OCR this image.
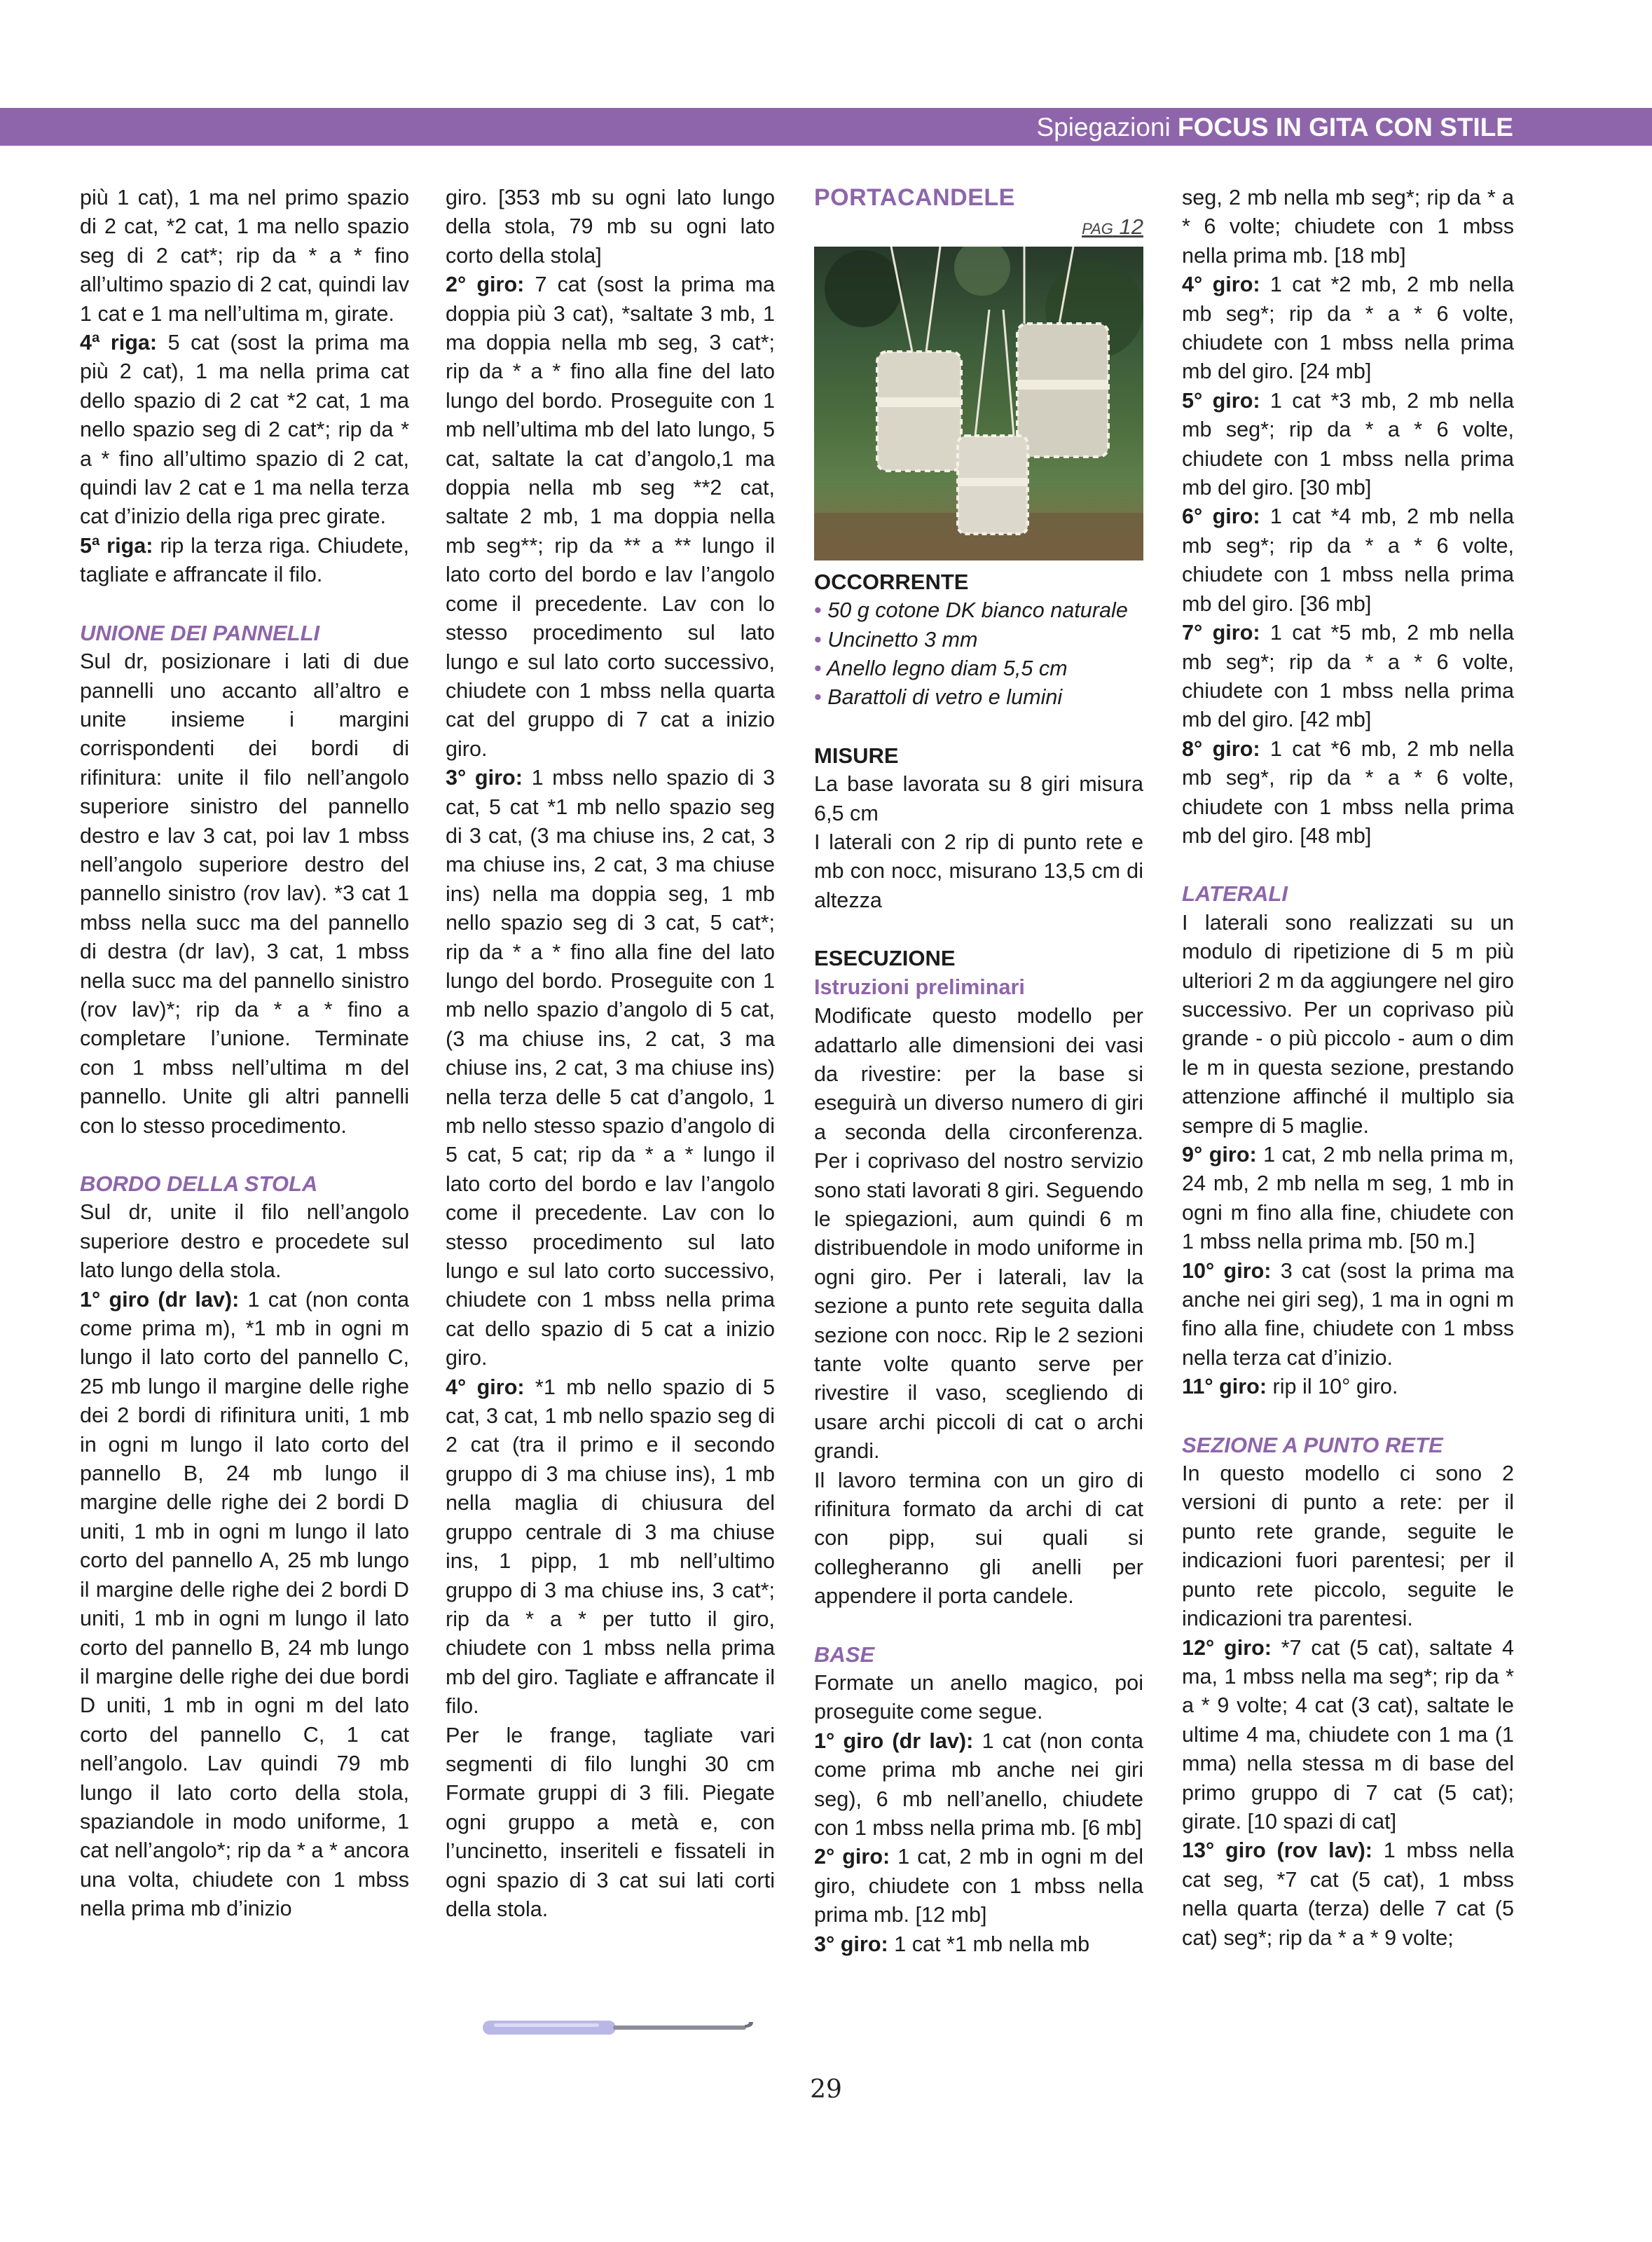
Spiegazioni FOCUS IN GITA CON STILE

più 1 cat), 1 ma nel primo spazio di 2 cat, *2 cat, 1 ma nello spazio seg di 2 cat*; rip da * a * fino all’ultimo spazio di 2 cat, quindi lav 1 cat e 1 ma nell’ultima m, girate.

4ª riga: 5 cat (sost la prima ma più 2 cat), 1 ma nella prima cat dello spazio di 2 cat *2 cat, 1 ma nello spazio seg di 2 cat*; rip da * a * fino all’ultimo spazio di 2 cat, quindi lav 2 cat e 1 ma nella terza cat d’inizio della riga prec girate.

5ª riga: rip la terza riga. Chiudete, tagliate e affrancate il filo.

UNIONE DEI PANNELLI

Sul dr, posizionare i lati di due pannelli uno accanto all’altro e unite insieme i margini corrispondenti dei bordi di rifinitura: unite il filo nell’angolo superiore sinistro del pannello destro e lav 3 cat, poi lav 1 mbss nell’angolo superiore destro del pannello sinistro (rov lav). *3 cat 1 mbss nella succ ma del pannello di destra (dr lav), 3 cat, 1 mbss nella succ ma del pannello sinistro (rov lav)*; rip da * a * fino a completare l’unione. Terminate con 1 mbss nell’ultima m del pannello. Unite gli altri pannelli con lo stesso procedimento.

BORDO DELLA STOLA

Sul dr, unite il filo nell’angolo superiore destro e procedete sul lato lungo della stola.

1° giro (dr lav): 1 cat (non conta come prima m), *1 mb in ogni m lungo il lato corto del pannello C, 25 mb lungo il margine delle righe dei 2 bordi di rifinitura uniti, 1 mb in ogni m lungo il lato corto del pannello B, 24 mb lungo il margine delle righe dei 2 bordi D uniti, 1 mb in ogni m lungo il lato corto del pannello A, 25 mb lungo il margine delle righe dei 2 bordi D uniti, 1 mb in ogni m lungo il lato corto del pannello B, 24 mb lungo il margine delle righe dei due bordi D uniti, 1 mb in ogni m del lato corto del pannello C, 1 cat nell’angolo. Lav quindi 79 mb lungo il lato corto della stola, spaziandole in modo uniforme, 1 cat nell’angolo*; rip da * a * ancora una volta, chiudete con 1 mbss nella prima mb d’inizio

giro. [353 mb su ogni lato lungo della stola, 79 mb su ogni lato corto della stola]

2° giro: 7 cat (sost la prima ma doppia più 3 cat), *saltate 3 mb, 1 ma doppia nella mb seg, 3 cat*; rip da * a * fino alla fine del lato lungo del bordo. Proseguite con 1 mb nell’ultima mb del lato lungo, 5 cat, saltate la cat d’angolo,1 ma doppia nella mb seg **2 cat, saltate 2 mb, 1 ma doppia nella mb seg**; rip da ** a ** lungo il lato corto del bordo e lav l’angolo come il precedente. Lav con lo stesso procedimento sul lato lungo e sul lato corto successivo, chiudete con 1 mbss nella quarta cat del gruppo di 7 cat a inizio giro.

3° giro: 1 mbss nello spazio di 3 cat, 5 cat *1 mb nello spazio seg di 3 cat, (3 ma chiuse ins, 2 cat, 3 ma chiuse ins, 2 cat, 3 ma chiuse ins) nella ma doppia seg, 1 mb nello spazio seg di 3 cat, 5 cat*; rip da * a * fino alla fine del lato lungo del bordo. Proseguite con 1 mb nello spazio d’angolo di 5 cat, (3 ma chiuse ins, 2 cat, 3 ma chiuse ins, 2 cat, 3 ma chiuse ins) nella terza delle 5 cat d’angolo, 1 mb nello stesso spazio d’angolo di 5 cat, 5 cat; rip da * a * lungo il lato corto del bordo e lav l’angolo come il precedente. Lav con lo stesso procedimento sul lato lungo e sul lato corto successivo, chiudete con 1 mbss nella prima cat dello spazio di 5 cat a inizio giro.

4° giro: *1 mb nello spazio di 5 cat, 3 cat, 1 mb nello spazio seg di 2 cat (tra il primo e il secondo gruppo di 3 ma chiuse ins), 1 mb nella maglia di chiusura del gruppo centrale di 3 ma chiuse ins, 1 pipp, 1 mb nell’ultimo gruppo di 3 ma chiuse ins, 3 cat*; rip da * a * per tutto il giro, chiudete con 1 mbss nella prima mb del giro. Tagliate e affrancate il filo.

Per le frange, tagliate vari segmenti di filo lunghi 30 cm Formate gruppi di 3 fili. Piegate ogni gruppo a metà e, con l’uncinetto, inseriteli e fissateli in ogni spazio di 3 cat sui lati corti della stola.

PORTACANDELE

PAG 12

OCCORRENTE

• 50 g cotone DK bianco naturale

• Uncinetto 3 mm

• Anello legno diam 5,5 cm

• Barattoli di vetro e lumini

MISURE

La base lavorata su 8 giri misura 6,5 cm

I laterali con 2 rip di punto rete e mb con nocc, misurano 13,5 cm di altezza

ESECUZIONE

Istruzioni preliminari

Modificate questo modello per adattarlo alle dimensioni dei vasi da rivestire: per la base si eseguirà un diverso numero di giri a seconda della circonferenza. Per i coprivaso del nostro servizio sono stati lavorati 8 giri. Seguendo le spiegazioni, aum quindi 6 m distribuendole in modo uniforme in ogni giro. Per i laterali, lav la sezione a punto rete seguita dalla sezione con nocc. Rip le 2 sezioni tante volte quanto serve per rivestire il vaso, scegliendo di usare archi piccoli di cat o archi grandi.

Il lavoro termina con un giro di rifinitura formato da archi di cat con pipp, sui quali si collegheranno gli anelli per appendere il porta candele.

BASE

Formate un anello magico, poi proseguite come segue.

1° giro (dr lav): 1 cat (non conta come prima mb anche nei giri seg), 6 mb nell’anello, chiudete con 1 mbss nella prima mb. [6 mb]

2° giro: 1 cat, 2 mb in ogni m del giro, chiudete con 1 mbss nella prima mb. [12 mb]

3° giro: 1 cat *1 mb nella mb

seg, 2 mb nella mb seg*; rip da * a * 6 volte; chiudete con 1 mbss nella prima mb. [18 mb]

4° giro: 1 cat *2 mb, 2 mb nella mb seg*; rip da * a * 6 volte, chiudete con 1 mbss nella prima mb del giro. [24 mb]

5° giro: 1 cat *3 mb, 2 mb nella mb seg*; rip da * a * 6 volte, chiudete con 1 mbss nella prima mb del giro. [30 mb]

6° giro: 1 cat *4 mb, 2 mb nella mb seg*; rip da * a * 6 volte, chiudete con 1 mbss nella prima mb del giro. [36 mb]

7° giro: 1 cat *5 mb, 2 mb nella mb seg*; rip da * a * 6 volte, chiudete con 1 mbss nella prima mb del giro. [42 mb]

8° giro: 1 cat *6 mb, 2 mb nella mb seg*, rip da * a * 6 volte, chiudete con 1 mbss nella prima mb del giro. [48 mb]

LATERALI

I laterali sono realizzati su un modulo di ripetizione di 5 m più ulteriori 2 m da aggiungere nel giro successivo. Per un coprivaso più grande - o più piccolo - aum o dim le m in questa sezione, prestando attenzione affinché il multiplo sia sempre di 5 maglie.

9° giro: 1 cat, 2 mb nella prima m, 24 mb, 2 mb nella m seg, 1 mb in ogni m fino alla fine, chiudete con 1 mbss nella prima mb. [50 m.]

10° giro: 3 cat (sost la prima ma anche nei giri seg), 1 ma in ogni m fino alla fine, chiudete con 1 mbss nella terza cat d’inizio.

11° giro: rip il 10° giro.

SEZIONE A PUNTO RETE

In questo modello ci sono 2 versioni di punto a rete: per il punto rete grande, seguite le indicazioni fuori parentesi; per il punto rete piccolo, seguite le indicazioni tra parentesi.

12° giro: *7 cat (5 cat), saltate 4 ma, 1 mbss nella ma seg*; rip da * a * 9 volte; 4 cat (3 cat), saltate le ultime 4 ma, chiudete con 1 ma (1 mma) nella stessa m di base del primo gruppo di 7 cat (5 cat); girate. [10 spazi di cat]

13° giro (rov lav): 1 mbss nella cat seg, *7 cat (5 cat), 1 mbss nella quarta (terza) delle 7 cat (5 cat) seg*; rip da * a * 9 volte;

29
